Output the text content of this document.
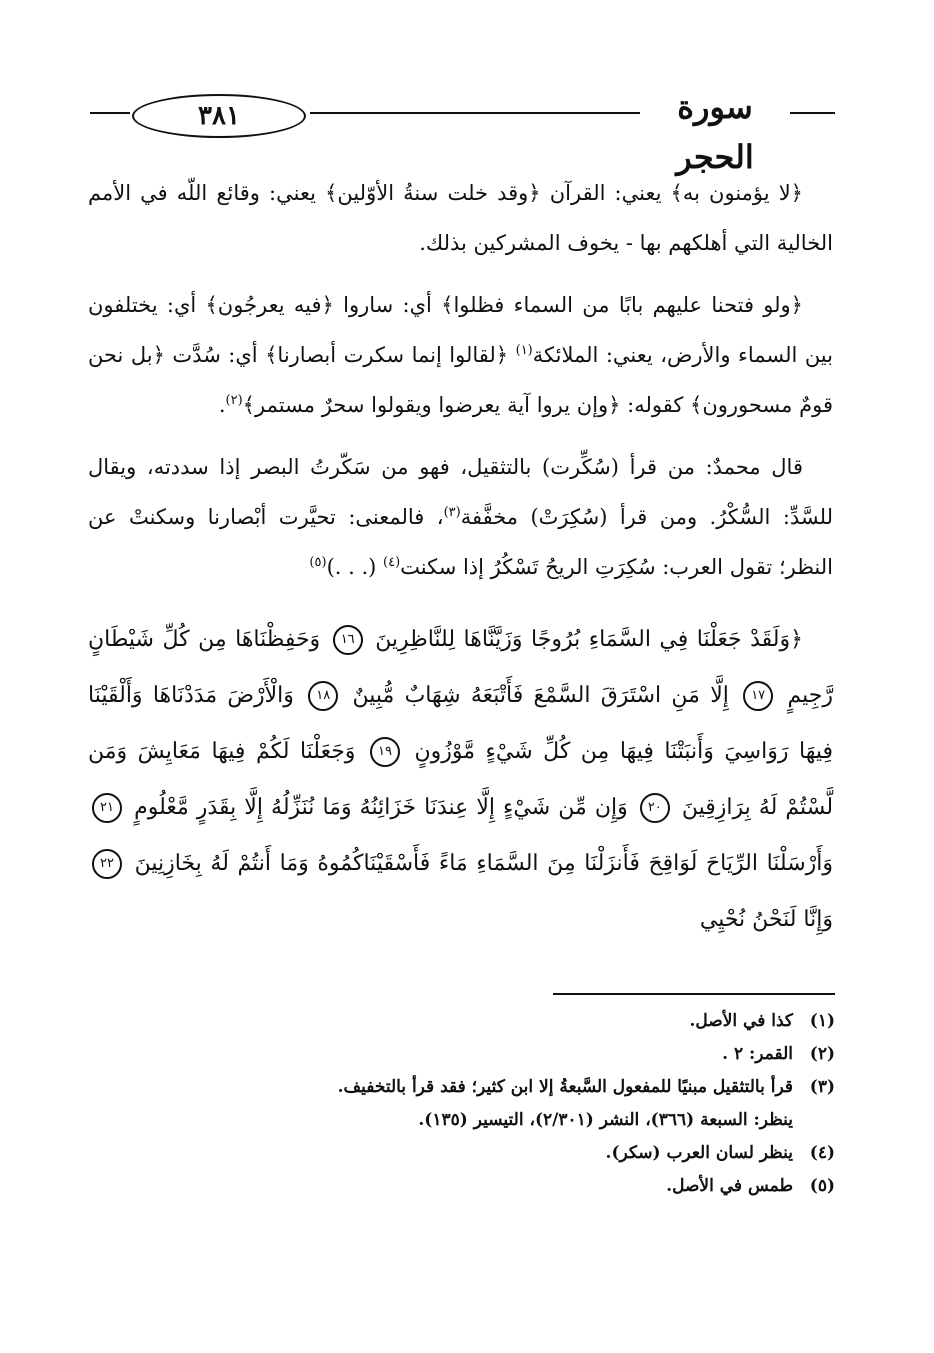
٣٨١	سورة الحجر

﴿لا يؤمنون به﴾ يعني: القرآن ﴿وقد خلت سنةُ الأوّلين﴾ يعني: وقائع اللّه في الأمم الخالية التي أهلكهم بها - يخوف المشركين بذلك.

﴿ولو فتحنا عليهم بابًا من السماء فظلوا﴾ أي: ساروا ﴿فيه يعرجُون﴾ أي: يختلفون بين السماء والأرض، يعني: الملائكة$^{(١)}$ ﴿لقالوا إنما سكرت أبصارنا﴾ أي: سُدَّت ﴿بل نحن قومٌ مسحورون﴾ كقوله: ﴿وإن يروا آية يعرضوا ويقولوا سحرٌ مستمر﴾$^{(٢)}$.

قال محمدٌ: من قرأ (سُكِّرت) بالتثقيل، فهو من سَكّرتُ البصر إذا سددته، ويقال للسَّدِّ: السُّكْرُ. ومن قرأ (سُكِرَتْ) مخفَّفة$^{(٣)}$، فالمعنى: تحيَّرت أبْصارنا وسكنتْ عن النظر؛ تقول العرب: سُكِرَتِ الريحُ تَسْكُرُ إذا سكنت$^{(٤)}$ (. . .)$^{(٥)}$

﴿وَلَقَدْ جَعَلْنَا فِي السَّمَاءِ بُرُوجًا وَزَيَّنَّاهَا لِلنَّاظِرِينَ ١٦ وَحَفِظْنَاهَا مِن كُلِّ شَيْطَانٍ رَّجِيمٍ ١٧ إِلَّا مَنِ اسْتَرَقَ السَّمْعَ فَأَتْبَعَهُ شِهَابٌ مُّبِينٌ ١٨ وَالْأَرْضَ مَدَدْنَاهَا وَأَلْقَيْنَا فِيهَا رَوَاسِيَ وَأَنبَتْنَا فِيهَا مِن كُلِّ شَيْءٍ مَّوْزُونٍ ١٩ وَجَعَلْنَا لَكُمْ فِيهَا مَعَايِشَ وَمَن لَّسْتُمْ لَهُ بِرَازِقِينَ ٢٠ وَإِن مِّن شَيْءٍ إِلَّا عِندَنَا خَزَائِنُهُ وَمَا نُنَزِّلُهُ إِلَّا بِقَدَرٍ مَّعْلُومٍ ٢١ وَأَرْسَلْنَا الرِّيَاحَ لَوَاقِحَ فَأَنزَلْنَا مِنَ السَّمَاءِ مَاءً فَأَسْقَيْنَاكُمُوهُ وَمَا أَنتُمْ لَهُ بِخَازِنِينَ ٢٢ وَإِنَّا لَنَحْنُ نُحْيِي

(١)كذا في الأصل.

(٢)القمر: ٢ .

(٣)قرأ بالتثقيل مبنيًا للمفعول السَّبعةُ إلا ابن كثير؛ فقد قرأ بالتخفيف.

ينظر: السبعة (٣٦٦)، النشر (٢/٣٠١)، التيسير (١٣٥).

(٤)ينظر لسان العرب (سكر).

(٥)طمس في الأصل.
